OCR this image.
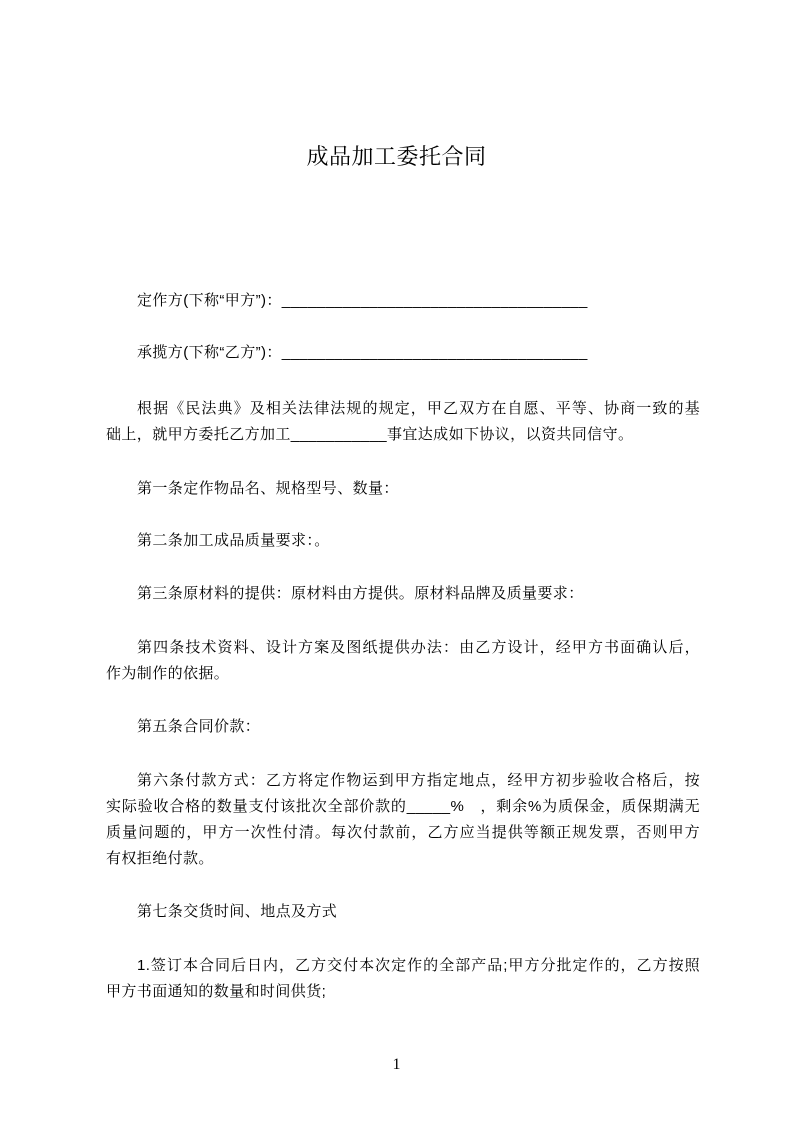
成品加工委托合同
定作方(下称“甲方”)：___________________________________
承揽方(下称“乙方”)：___________________________________
根据《民法典》及相关法律法规的规定，甲乙双方在自愿、平等、协商一致的基
础上，就甲方委托乙方加工___________事宜达成如下协议，以资共同信守。
第一条定作物品名、规格型号、数量：
第二条加工成品质量要求：。
第三条原材料的提供：原材料由方提供。原材料品牌及质量要求：
第四条技术资料、设计方案及图纸提供办法：由乙方设计，经甲方书面确认后，
作为制作的依据。
第五条合同价款：
第六条付款方式：乙方将定作物运到甲方指定地点，经甲方初步验收合格后，按
实际验收合格的数量支付该批次全部价款的_____%　，剩余%为质保金，质保期满无
质量问题的，甲方一次性付清。每次付款前，乙方应当提供等额正规发票，否则甲方
有权拒绝付款。
第七条交货时间、地点及方式
1.签订本合同后日内，乙方交付本次定作的全部产品;甲方分批定作的，乙方按照
甲方书面通知的数量和时间供货;
1
